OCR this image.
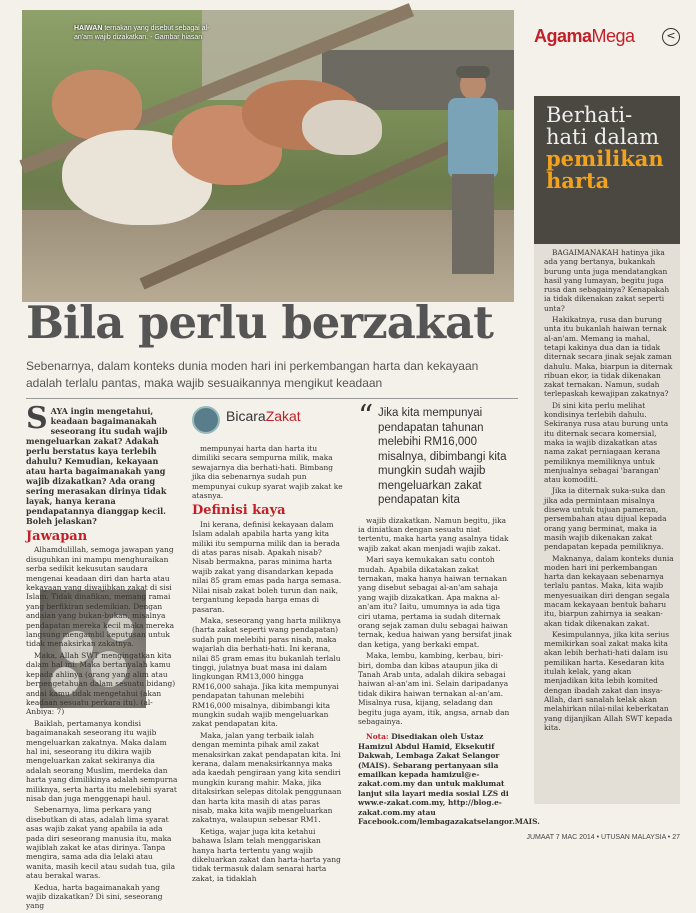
HAIWAN ternakan yang disebut sebagai al-an'am wajib dizakatkan. - Gambar hiasan	AgamaMega	<
Berhati-hati dalam
pemilikan harta

BAGAIMANAKAH hatinya jika ada yang bertanya, bukankah burung unta juga mendatangkan hasil yang lumayan, begitu juga rusa dan sebagainya? Kenapakah ia tidak dikenakan zakat seperti unta?

Hakikatnya, rusa dan burung unta itu bukanlah haiwan ternak al-an'am. Memang ia mahal, tetapi kakinya dua dan ia tidak diternak secara jinak sejak zaman dahulu. Maka, biarpun ia diternak ribuan ekor, ia tidak dikenakan zakat ternakan. Namun, sudah terlepaskah kewajipan zakatnya?

Di sini kita perlu melihat kondisinya terlebih dahulu. Sekiranya rusa atau burung unta itu diternak secara komersial, maka ia wajib dizakatkan atas nama zakat perniagaan kerana pemiliknya memiliknya untuk menjualnya sebagai 'barangan' atau komoditi.

Jika ia diternak suka-suka dan jika ada permintaan misalnya disewa untuk tujuan pameran, persembahan atau dijual kepada orang yang berminat, maka ia masih wajib dikenakan zakat pendapatan kepada pemiliknya.

Maknanya, dalam konteks dunia moden hari ini perkembangan harta dan kekayaan sebenarnya terlalu pantas. Maka, kita wajib menyesuaikan diri dengan segala macam kekayaan bentuk baharu itu, biarpun zahirnya ia seakan-akan tidak dikenakan zakat.

Kesimpulannya, jika kita serius memikirkan soal zakat maka kita akan lebih berhati-hati dalam isu pemilikan harta. Kesedaran kita itulah kelak, yang akan menjadikan kita lebih komited dengan ibadah zakat dan insya-Allah, dari sanalah kelak akan melahirkan nilai-nilai keberkatan yang dijanjikan Allah SWT kepada kita.

Bila perlu berzakat
Sebenarnya, dalam konteks dunia moden hari ini perkembangan harta dan kekayaan adalah terlalu pantas, maka wajib sesuaikannya mengikut keadaan

SAYA ingin mengetahui, keadaan bagaimanakah seseorang itu sudah wajib mengeluarkan zakat? Adakah perlu berstatus kaya terlebih dahulu? Kemudian, kekayaan atau harta bagaimanakah yang wajib dizakatkan? Ada orang sering merasakan dirinya tidak layak, hanya kerana pendapatannya dianggap kecil. Boleh jelaskan?

Jawapan

Alhamdulillah, semoga jawapan yang disuguhkan ini mampu menghuraikan serba sedikit kekusutan saudara mengenai keadaan diri dan harta atau kekayaan yang diwajibkan zakat di sisi Islam. Tidak dinafikan, memang ramai yang berfikiran sedemikian. Dengan andaian yang bukan-bukan, misalnya pendapatan mereka kecil maka mereka langsung mengambil keputusan untuk tidak menaksirkan zakatnya.

Maka, Allah SWT mengingatkan kita dalam hal ini: Maka bertanyalah kamu kepada ahlinya (orang yang alim atau berpengetahuan dalam sesuatu bidang) andai kamu tidak mengetahui (akan keadaan sesuatu perkara itu). (al-Anbiya: 7)

Baiklah, pertamanya kondisi bagaimanakah seseorang itu wajib mengeluarkan zakatnya. Maka dalam hal ini, seseorang itu dikira wajib mengeluarkan zakat sekiranya dia adalah seorang Muslim, merdeka dan harta yang dimilikinya adalah sempurna miliknya, serta harta itu melebihi syarat nisab dan juga menggenapi haul.

Sebenarnya, lima perkara yang disebutkan di atas, adalah lima syarat asas wajib zakat yang apabila ia ada pada diri seseorang manusia itu, maka wajiblah zakat ke atas dirinya. Tanpa mengira, sama ada dia lelaki atau wanita, masih kecil atau sudah tua, gila atau berakal waras.

Kedua, harta bagaimanakah yang wajib dizakatkan? Di sini, seseorang yang

BicaraZakat

mempunyai harta dan harta itu dimiliki secara sempurna milik, maka sewajarnya dia berhati-hati. Bimbang jika dia sebenarnya sudah pun mempunyai cukup syarat wajib zakat ke atasnya.

Definisi kaya

Ini kerana, definisi kekayaan dalam Islam adalah apabila harta yang kita miliki itu sempurna milik dan ia berada di atas paras nisab. Apakah nisab? Nisab bermakna, paras minima harta wajib zakat yang disandarkan kepada nilai 85 gram emas pada harga semasa. Nilai nisab zakat boleh turun dan naik, tergantung kepada harga emas di pasaran.

Maka, seseorang yang harta miliknya (harta zakat seperti wang pendapatan) sudah pun melebihi paras nisab, maka wajarlah dia berhati-hati. Ini kerana, nilai 85 gram emas itu bukanlah terlalu tinggi, julatnya buat masa ini dalam lingkungan RM13,000 hingga RM16,000 sahaja. Jika kita mempunyai pendapatan tahunan melebihi RM16,000 misalnya, dibimbangi kita mungkin sudah wajib mengeluarkan zakat pendapatan kita.

Maka, jalan yang terbaik ialah dengan meminta pihak amil zakat menaksirkan zakat pendapatan kita. Ini kerana, dalam menaksirkannya maka ada kaedah pengiraan yang kita sendiri mungkin kurang mahir. Maka, jika ditaksirkan selepas ditolak penggunaan dan harta kita masih di atas paras nisab, maka kita wajib mengeluarkan zakatnya, walaupun sebesar RM1.

Ketiga, wajar juga kita ketahui bahawa Islam telah menggariskan hanya harta tertentu yang wajib dikeluarkan zakat dan harta-harta yang tidak termasuk dalam senarai harta zakat, ia tidaklah

“ Jika kita mempunyai pendapatan tahunan melebihi RM16,000 misalnya, dibimbangi kita mungkin sudah wajib mengeluarkan zakat pendapatan kita

wajib dizakatkan. Namun begitu, jika ia diniatkan dengan sesuatu niat tertentu, maka harta yang asalnya tidak wajib zakat akan menjadi wajib zakat.

Mari saya kemukakan satu contoh mudah. Apabila dikatakan zakat ternakan, maka hanya haiwan ternakan yang disebut sebagai al-an'am sahaja yang wajib dizakatkan. Apa makna al-an'am itu? Iaitu, umumnya ia ada tiga ciri utama, pertama ia sudah diternak orang sejak zaman dulu sebagai haiwan ternak, kedua haiwan yang bersifat jinak dan ketiga, yang berkaki empat.

Maka, lembu, kambing, kerbau, biri-biri, domba dan kibas ataupun jika di Tanah Arab unta, adalah dikira sebagai haiwan al-an'am ini. Selain daripadanya tidak dikira haiwan ternakan al-an'am. Misalnya rusa, kijang, seladang dan begitu juga ayam, itik, angsa, arnab dan sebagainya.

Nota: Disediakan oleh Ustaz Hamizul Abdul Hamid, Eksekutif Dakwah, Lembaga Zakat Selangor (MAIS). Sebarang pertanyaan sila emailkan kepada hamizul@e-zakat.com.my dan untuk maklumat lanjut sila layari media sosial LZS di www.e-zakat.com.my, http://blog.e-zakat.com.my atau Facebook.com/lembagazakatselangor.MAIS.

JUMAAT 7 MAC 2014 • UTUSAN MALAYSIA • 27
